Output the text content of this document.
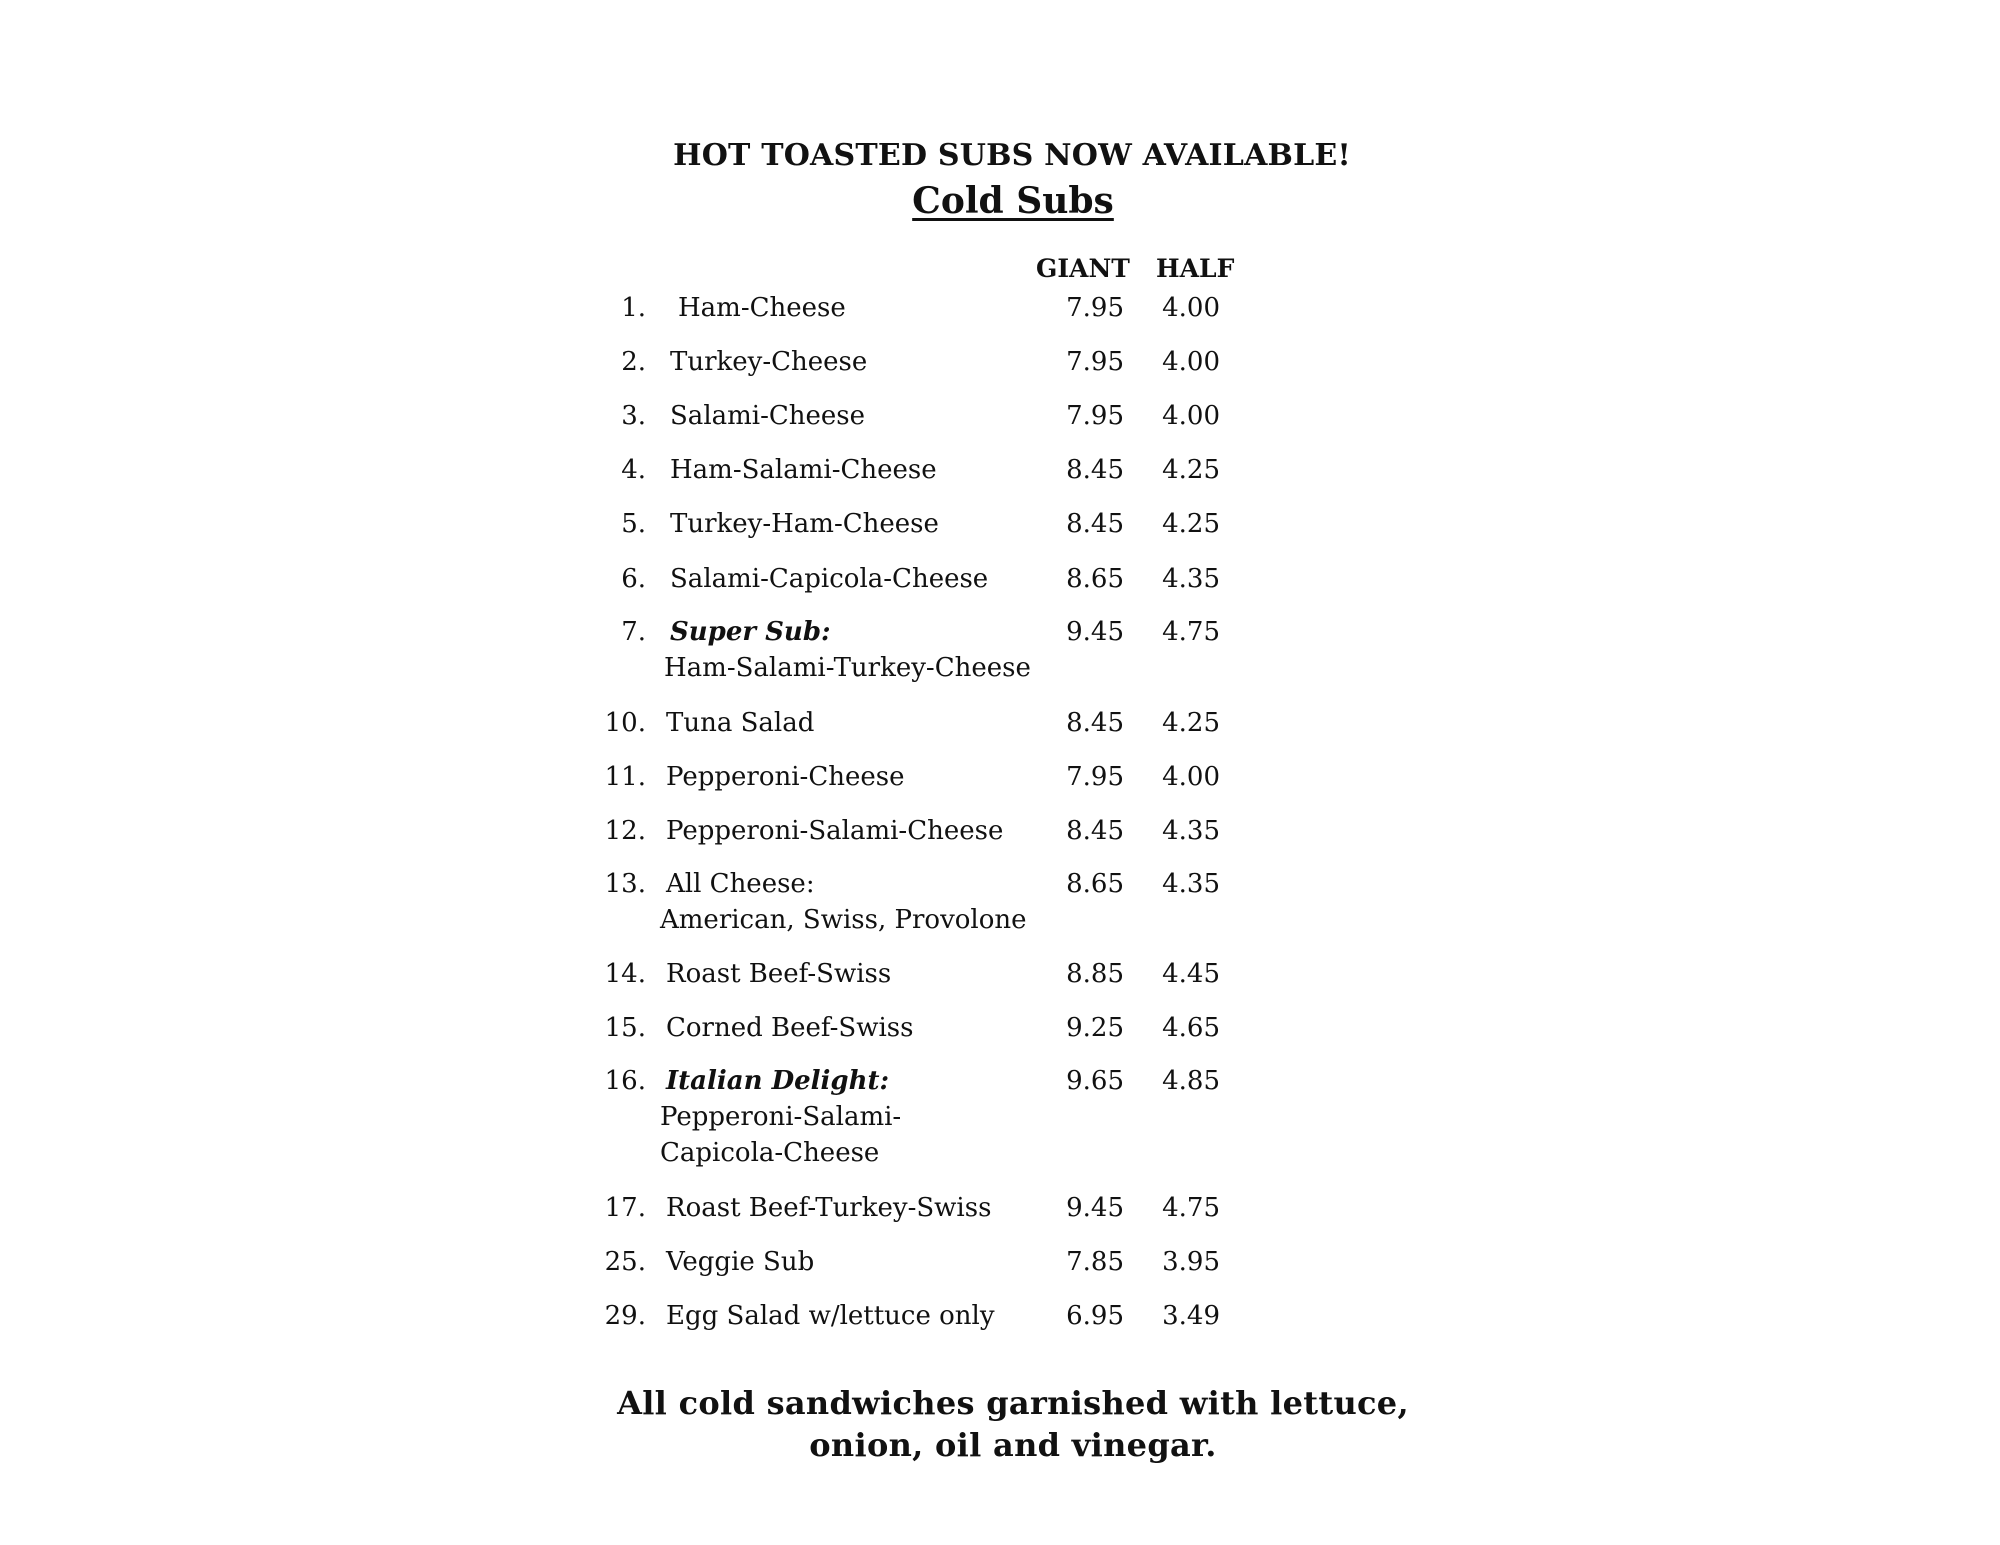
HOT TOASTED SUBS NOW AVAILABLE!
Cold Subs
GIANT HALF
1. Ham-Cheese	7.95 4.00
2. Turkey-Cheese	7.95 4.00
3. Salami-Cheese	7.95 4.00
4. Ham-Salami-Cheese	8.45 4.25
5. Turkey-Ham-Cheese	8.45 4.25
6. Salami-Capicola-Cheese	8.65 4.35
7. Super Sub:
Ham-Salami-Turkey-Cheese
9.45 4.75
10. Tuna Salad	8.45 4.25
11. Pepperoni-Cheese	7.95 4.00
12. Pepperoni-Salami-Cheese 8.45 4.35
13. All Cheese:
American, Swiss, Provolone
8.65 4.35
14. Roast Beef-Swiss	8.85 4.45
15. Corned Beef-Swiss	9.25 4.65
16. Italian Delight:
Pepperoni-Salami-
Capicola-Cheese
9.65 4.85
17. Roast Beef-Turkey-Swiss	9.45 4.75
25. Veggie Sub	7.85 3.95
29. Egg Salad w/lettuce only	6.95 3.49
All cold sandwiches garnished with lettuce,
onion, oil and vinegar.
